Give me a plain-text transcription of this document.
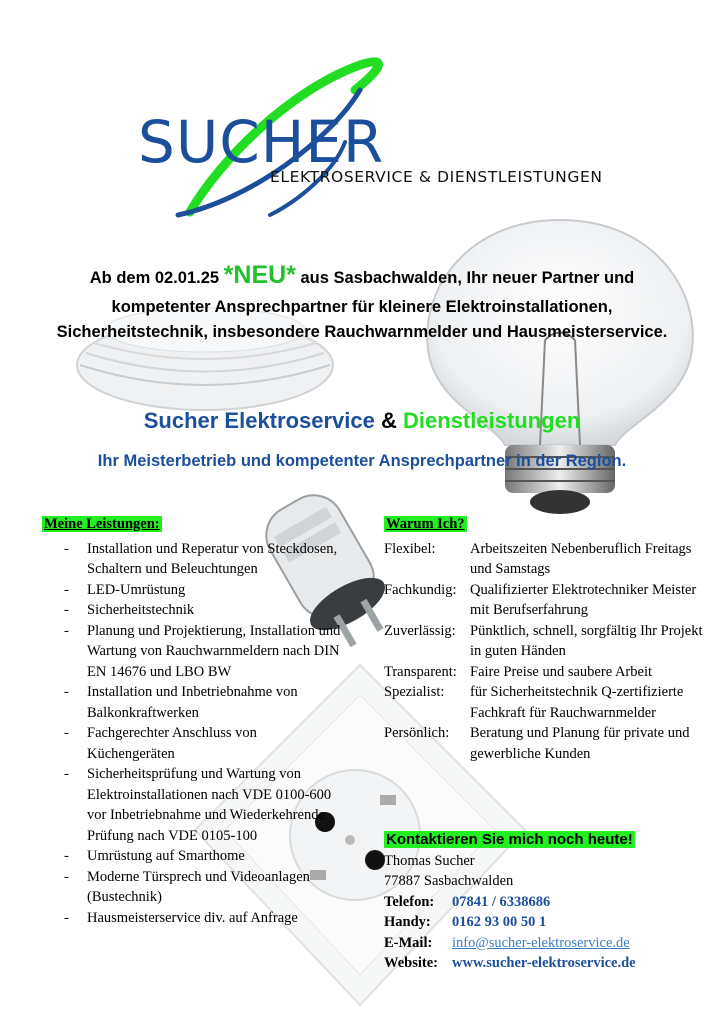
SUCHER
ELEKTROSERVICE & DIENSTLEISTUNGEN
Ab dem 02.01.25 *NEU* aus Sasbachwalden, Ihr neuer Partner und kompetenter Ansprechpartner für kleinere Elektroinstallationen, Sicherheitstechnik, insbesondere Rauchwarnmelder und Hausmeisterservice.
Sucher Elektroservice & Dienstleistungen
Ihr Meisterbetrieb und kompetenter Ansprechpartner in der Region.
Meine Leistungen:
- Installation und Reperatur von Steckdosen, Schaltern und Beleuchtungen
- LED-Umrüstung
- Sicherheitstechnik
- Planung und Projektierung, Installation und Wartung von Rauchwarnmeldern nach DIN EN 14676 und LBO BW
- Installation und Inbetriebnahme von Balkonkraftwerken
- Fachgerechter Anschluss von Küchengeräten
- Sicherheitsprüfung und Wartung von Elektroinstallationen nach VDE 0100-600 vor Inbetriebnahme und Wiederkehrende Prüfung nach VDE 0105-100
- Umrüstung auf Smarthome
- Moderne Türsprech und Videoanlagen (Bustechnik)
- Hausmeisterservice div. auf Anfrage
Warum Ich?
Flexibel:	Arbeitszeiten Nebenberuflich Freitags und Samstags
Fachkundig: Qualifizierter Elektrotechniker Meister mit Berufserfahrung
Zuverlässig: Pünktlich, schnell, sorgfältig Ihr Projekt in guten Händen
Transparent: Faire Preise und saubere Arbeit
Spezialist:	für Sicherheitstechnik Q-zertifizierte Fachkraft für Rauchwarnmelder
Persönlich:	Beratung und Planung für private und gewerbliche Kunden
Kontaktieren Sie mich noch heute!
Thomas Sucher
77887 Sasbachwalden
Telefon:	07841 / 6338686
Handy:	0162 93 00 50 1
E-Mail:	info@sucher-elektroservice.de
Website: www.sucher-elektroservice.de
